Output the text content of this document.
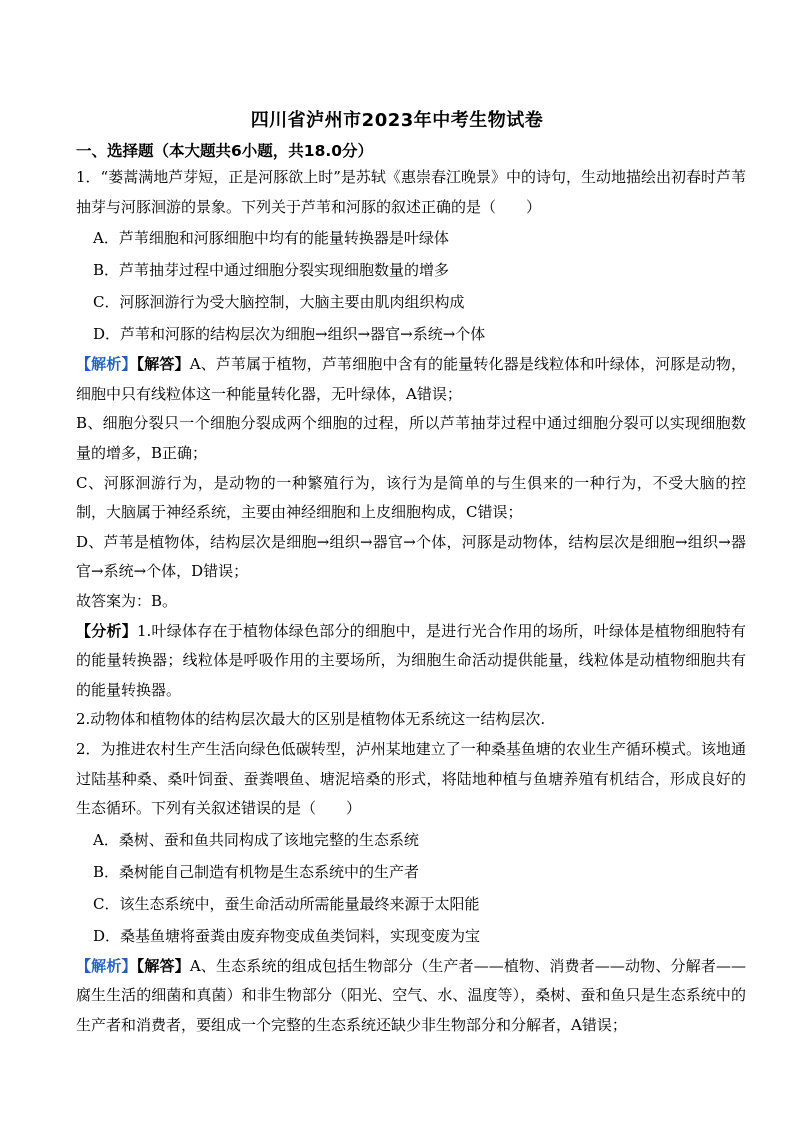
四川省泸州市2023年中考生物试卷
一、选择题（本大题共6小题，共18.0分）

1．“蒌蒿满地芦芽短，正是河豚欲上时”是苏轼《惠崇春江晚景》中的诗句，生动地描绘出初春时芦苇抽芽与河豚洄游的景象。下列关于芦苇和河豚的叙述正确的是（　　）

A．芦苇细胞和河豚细胞中均有的能量转换器是叶绿体

B．芦苇抽芽过程中通过细胞分裂实现细胞数量的增多

C．河豚洄游行为受大脑控制，大脑主要由肌肉组织构成

D．芦苇和河豚的结构层次为细胞→组织→器官→系统→个体

【解析】【解答】A、芦苇属于植物，芦苇细胞中含有的能量转化器是线粒体和叶绿体，河豚是动物，细胞中只有线粒体这一种能量转化器，无叶绿体，A错误；

B、细胞分裂只一个细胞分裂成两个细胞的过程，所以芦苇抽芽过程中通过细胞分裂可以实现细胞数量的增多，B正确；

C、河豚洄游行为，是动物的一种繁殖行为，该行为是简单的与生俱来的一种行为，不受大脑的控制，大脑属于神经系统，主要由神经细胞和上皮细胞构成，C错误；

D、芦苇是植物体，结构层次是细胞→组织→器官→个体，河豚是动物体，结构层次是细胞→组织→器官→系统→个体，D错误；

故答案为：B。

【分析】1.叶绿体存在于植物体绿色部分的细胞中，是进行光合作用的场所，叶绿体是植物细胞特有的能量转换器；线粒体是呼吸作用的主要场所，为细胞生命活动提供能量，线粒体是动植物细胞共有的能量转换器。

2.动物体和植物体的结构层次最大的区别是植物体无系统这一结构层次.

2．为推进农村生产生活向绿色低碳转型，泸州某地建立了一种桑基鱼塘的农业生产循环模式。该地通过陆基种桑、桑叶饲蚕、蚕粪喂鱼、塘泥培桑的形式，将陆地种植与鱼塘养殖有机结合，形成良好的生态循环。下列有关叙述错误的是（　　）

A．桑树、蚕和鱼共同构成了该地完整的生态系统

B．桑树能自己制造有机物是生态系统中的生产者

C．该生态系统中，蚕生命活动所需能量最终来源于太阳能

D．桑基鱼塘将蚕粪由废弃物变成鱼类饲料，实现变废为宝

【解析】【解答】A、生态系统的组成包括生物部分（生产者——植物、消费者——动物、分解者——腐生生活的细菌和真菌）和非生物部分（阳光、空气、水、温度等），桑树、蚕和鱼只是生态系统中的生产者和消费者，要组成一个完整的生态系统还缺少非生物部分和分解者，A错误；
